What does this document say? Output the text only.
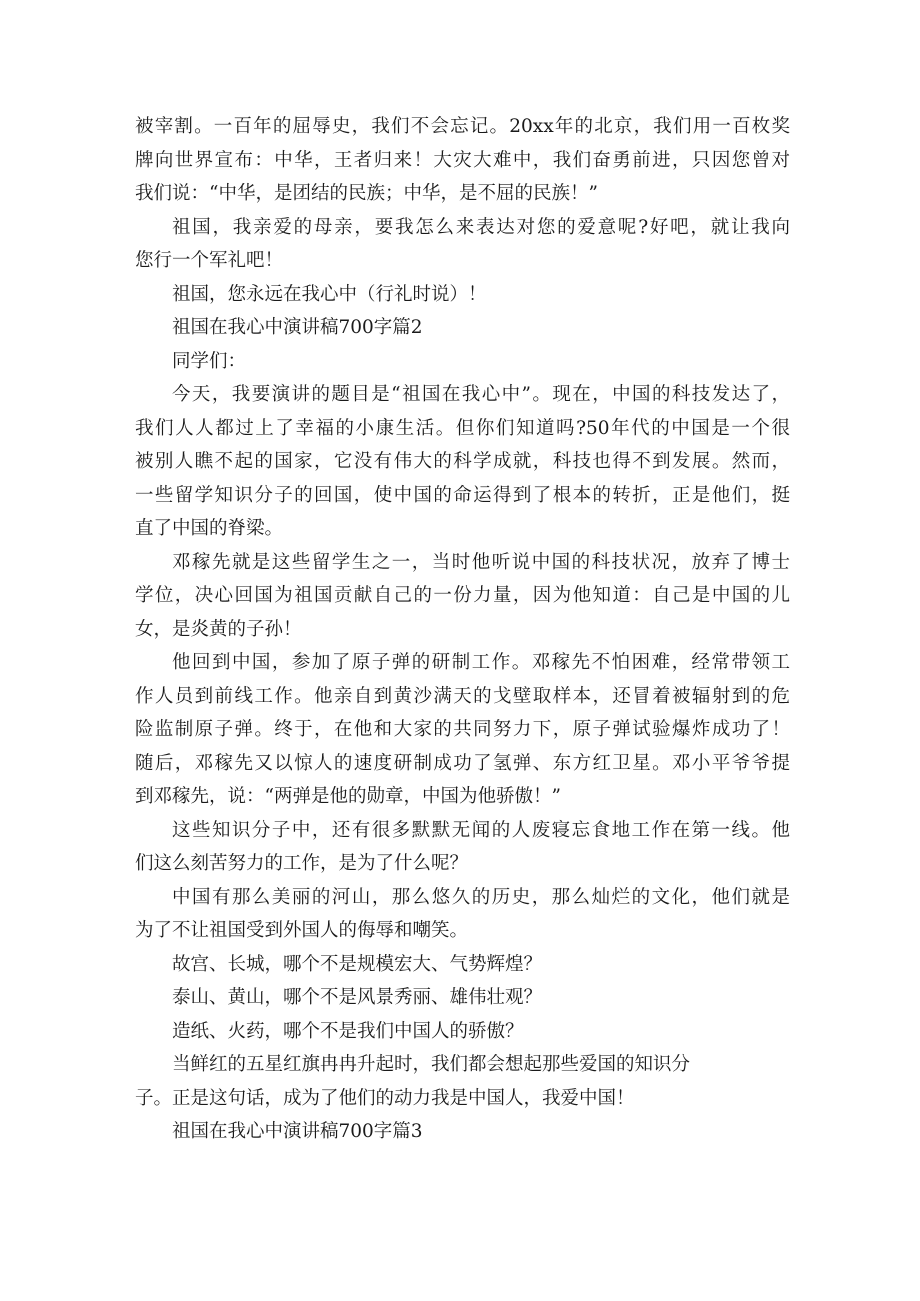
被宰割。一百年的屈辱史，我们不会忘记。20xx年的北京，我们用一百枚奖
牌向世界宣布：中华，王者归来！大灾大难中，我们奋勇前进，只因您曾对
我们说：“中华，是团结的民族；中华，是不屈的民族！”
祖国，我亲爱的母亲，要我怎么来表达对您的爱意呢?好吧，就让我向
您行一个军礼吧！
祖国，您永远在我心中（行礼时说）！
祖国在我心中演讲稿700字篇2
同学们：
今天，我要演讲的题目是“祖国在我心中”。现在，中国的科技发达了，
我们人人都过上了幸福的小康生活。但你们知道吗?50年代的中国是一个很
被别人瞧不起的国家，它没有伟大的科学成就，科技也得不到发展。然而，
一些留学知识分子的回国，使中国的命运得到了根本的转折，正是他们，挺
直了中国的脊梁。
邓稼先就是这些留学生之一，当时他听说中国的科技状况，放弃了博士
学位，决心回国为祖国贡献自己的一份力量，因为他知道：自己是中国的儿
女，是炎黄的子孙！
他回到中国，参加了原子弹的研制工作。邓稼先不怕困难，经常带领工
作人员到前线工作。他亲自到黄沙满天的戈壁取样本，还冒着被辐射到的危
险监制原子弹。终于，在他和大家的共同努力下，原子弹试验爆炸成功了！
随后，邓稼先又以惊人的速度研制成功了氢弹、东方红卫星。邓小平爷爷提
到邓稼先，说：“两弹是他的勋章，中国为他骄傲！”
这些知识分子中，还有很多默默无闻的人废寝忘食地工作在第一线。他
们这么刻苦努力的工作，是为了什么呢？
中国有那么美丽的河山，那么悠久的历史，那么灿烂的文化，他们就是
为了不让祖国受到外国人的侮辱和嘲笑。
故宫、长城，哪个不是规模宏大、气势辉煌？
泰山、黄山，哪个不是风景秀丽、雄伟壮观？
造纸、火药，哪个不是我们中国人的骄傲？
当鲜红的五星红旗冉冉升起时，我们都会想起那些爱国的知识分
子。正是这句话，成为了他们的动力我是中国人，我爱中国！
祖国在我心中演讲稿700字篇3
